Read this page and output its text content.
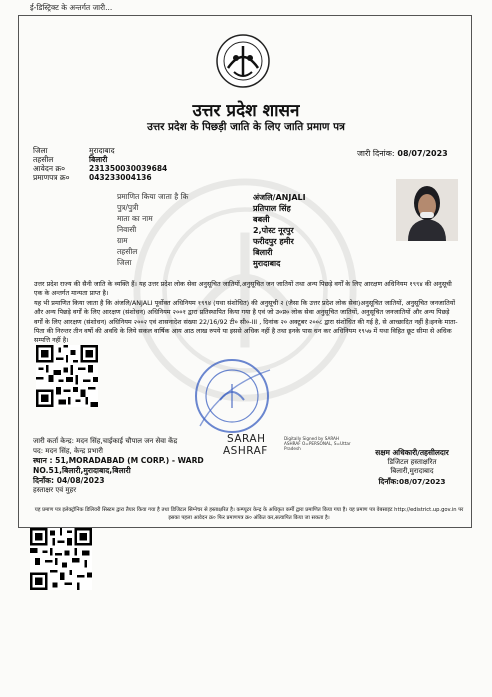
ई-डिस्ट्रिक्ट के अन्तर्गत जारी...
उत्तर प्रदेश शासन
उत्तर प्रदेश के पिछड़ी जाति के लिए जाति प्रमाण पत्र
जिला	मुरादाबाद
तहसील	बिलारी
आवेदन क्र०	231350030039684
प्रमाणपत्र क्र०	043233004136
जारी दिनांक: 08/07/2023
प्रमाणित किया जाता है कि	अंजलि/ANJALI
पुत्र/पुत्री	प्रतिपाल सिंह
माता का नाम	बबली
निवासी	2,पोस्ट नूरपुर
ग्राम	फरीदपुर हमीर
तहसील	बिलारी
जिला	मुरादाबाद

उत्तर प्रदेश राज्य की सैनी जाति के व्यक्ति हैं। यह उत्तर प्रदेश लोक सेवा अनुसूचित जातियों,अनुसूचित जन जातियों तथा अन्य पिछड़े वर्गों के लिए आरक्षण अधिनियम १९९४ की अनुसूची एक के अन्तर्गत मान्यता प्राप्त है।

यह भी प्रमाणित किया जाता है कि अंजलि/ANJALI पूर्वोक्त अधिनियम १९९४ (यथा संशोधित) की अनुसूची २ (जैसा कि उत्तर प्रदेश लोक सेवा)अनुसूचित जातियों, अनुसूचित जनजातियों और अन्य पिछड़े वर्गों के लिए आरक्षण (संशोधन) अधिनियम २००१ द्वारा प्रतिस्थापित किया गया है एवं जो उ०प्र० लोक सेवा अनुसूचित जातियों, अनुसूचित जनजातियों और अन्य पिछड़े वर्गों के लिए आरक्षण (संशोधन) अधिनियम २००२ एवं शासनादेश संख्या 22/16/92 टी० सी०-III , दिनांक २० अक्टूबर २००८ द्वारा संशोधित की गई है, से आच्छादित नहीं है।इनके माता-पिता की निरन्तर तीन वर्षो की अवधि के लिये सकल वार्षिक आय आठ लाख रुपये या इससे अधिक नहीं है तथा इनके पास धन कर अधिनियम १९५७ में यथा विहित छूट सीमा से अधिक सम्पत्ति नहीं है।

SARAH
ASHRAF
Digitally Signed by SARAH ASHRAF O=PERSONAL, S=Uttar Pradesh
जारी कर्ता केन्द्र: मदन सिंह,चाईकाई चौपाल जन सेवा केंद्र
पद: मदन सिंह, केन्द्र प्रभारी
स्थान : 51,MORADABAD (M CORP.) - WARD NO.51,बिलारी,मुरादाबाद,बिलारी
दिनाँक: 04/08/2023
हस्ताक्षर एवं मुहर
सक्षम अधिकारी/तहसीलदार
डिजिटल हस्ताक्षरित
बिलारी,मुरादाबाद
दिनाँक:08/07/2023
यह प्रमाण पत्र इलेक्ट्रॉनिक डिलिवरी सिस्टम द्वारा तैयार किया गया है तथा डिजिटल सिग्नेचर से हस्ताक्षरित है। कम्प्यूटर केन्द्र के अधिकृत कर्मी द्वारा प्रमाणित किया गया है। यह प्रमाण पत्र वेबसाइट http://edistrict.up.gov.in पर इसका पहला आवेदन क्र० फिर प्रमाणपत्र क्र० अंकित कर,सत्यापित किया जा सकता है।
